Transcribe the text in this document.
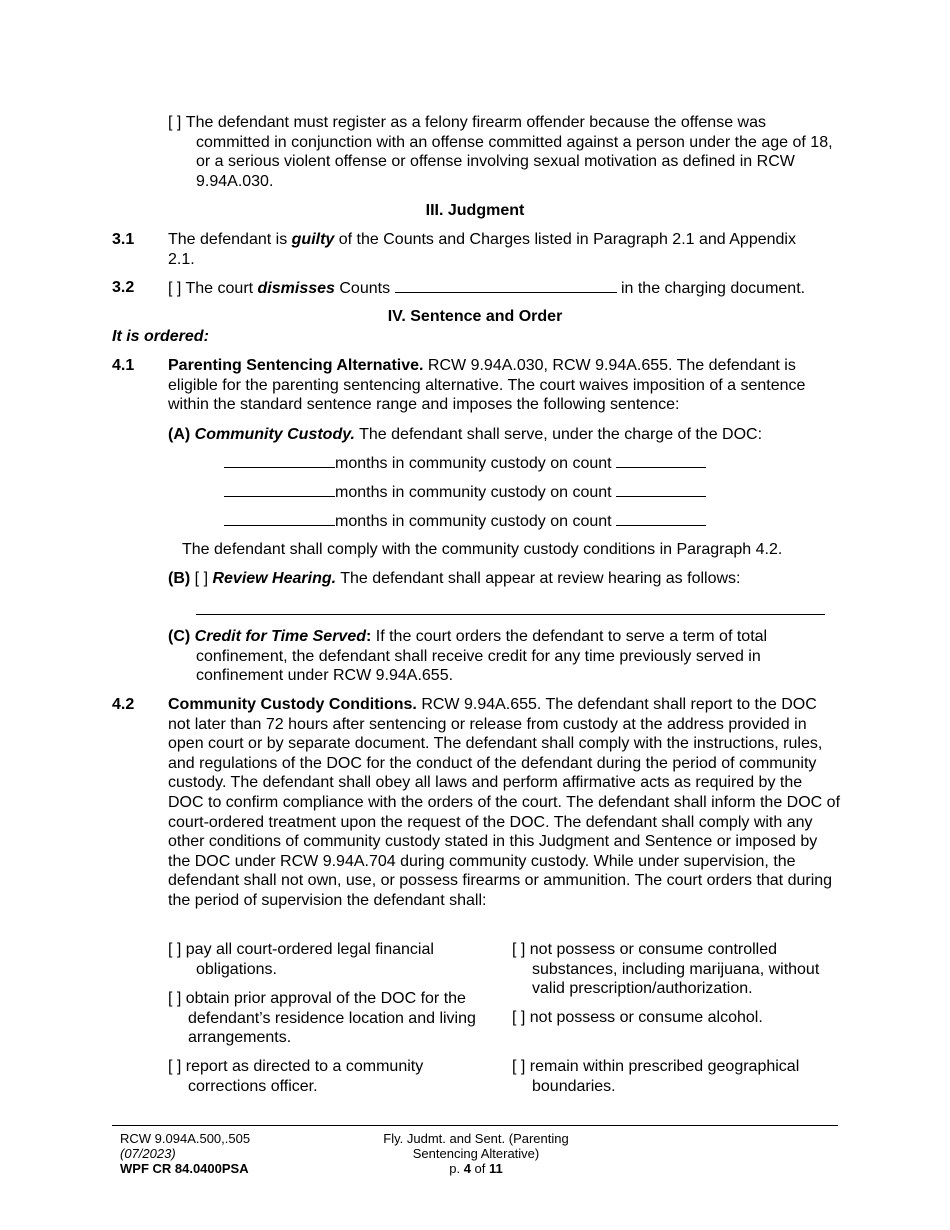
[ ] The defendant must register as a felony firearm offender because the offense was committed in conjunction with an offense committed against a person under the age of 18, or a serious violent offense or offense involving sexual motivation as defined in RCW 9.94A.030.
III. Judgment
3.1 The defendant is guilty of the Counts and Charges listed in Paragraph 2.1 and Appendix 2.1.
3.2 [ ] The court dismisses Counts	in the charging document.
IV. Sentence and Order
It is ordered:
4.1 Parenting Sentencing Alternative. RCW 9.94A.030, RCW 9.94A.655. The defendant is eligible for the parenting sentencing alternative. The court waives imposition of a sentence within the standard sentence range and imposes the following sentence:
(A) Community Custody. The defendant shall serve, under the charge of the DOC:
months in community custody on count
months in community custody on count
months in community custody on count
The defendant shall comply with the community custody conditions in Paragraph 4.2.
(B) [ ] Review Hearing. The defendant shall appear at review hearing as follows:
(C) Credit for Time Served: If the court orders the defendant to serve a term of total confinement, the defendant shall receive credit for any time previously served in confinement under RCW 9.94A.655.
4.2 Community Custody Conditions. RCW 9.94A.655. The defendant shall report to the DOC not later than 72 hours after sentencing or release from custody at the address provided in open court or by separate document. The defendant shall comply with the instructions, rules, and regulations of the DOC for the conduct of the defendant during the period of community custody. The defendant shall obey all laws and perform affirmative acts as required by the DOC to confirm compliance with the orders of the court. The defendant shall inform the DOC of court-ordered treatment upon the request of the DOC. The defendant shall comply with any other conditions of community custody stated in this Judgment and Sentence or imposed by the DOC under RCW 9.94A.704 during community custody. While under supervision, the defendant shall not own, use, or possess firearms or ammunition. The court orders that during the period of supervision the defendant shall:
[ ] pay all court-ordered legal financial obligations.
[ ] obtain prior approval of the DOC for the defendant’s residence location and living arrangements.
[ ] report as directed to a community corrections officer.
[ ] not possess or consume controlled substances, including marijuana, without valid prescription/authorization.
[ ] not possess or consume alcohol.
[ ] remain within prescribed geographical boundaries.
RCW 9.094A.500,.505
(07/2023)
WPF CR 84.0400PSA
Fly. Judmt. and Sent. (Parenting
Sentencing Alterative)
p. 4 of 11
